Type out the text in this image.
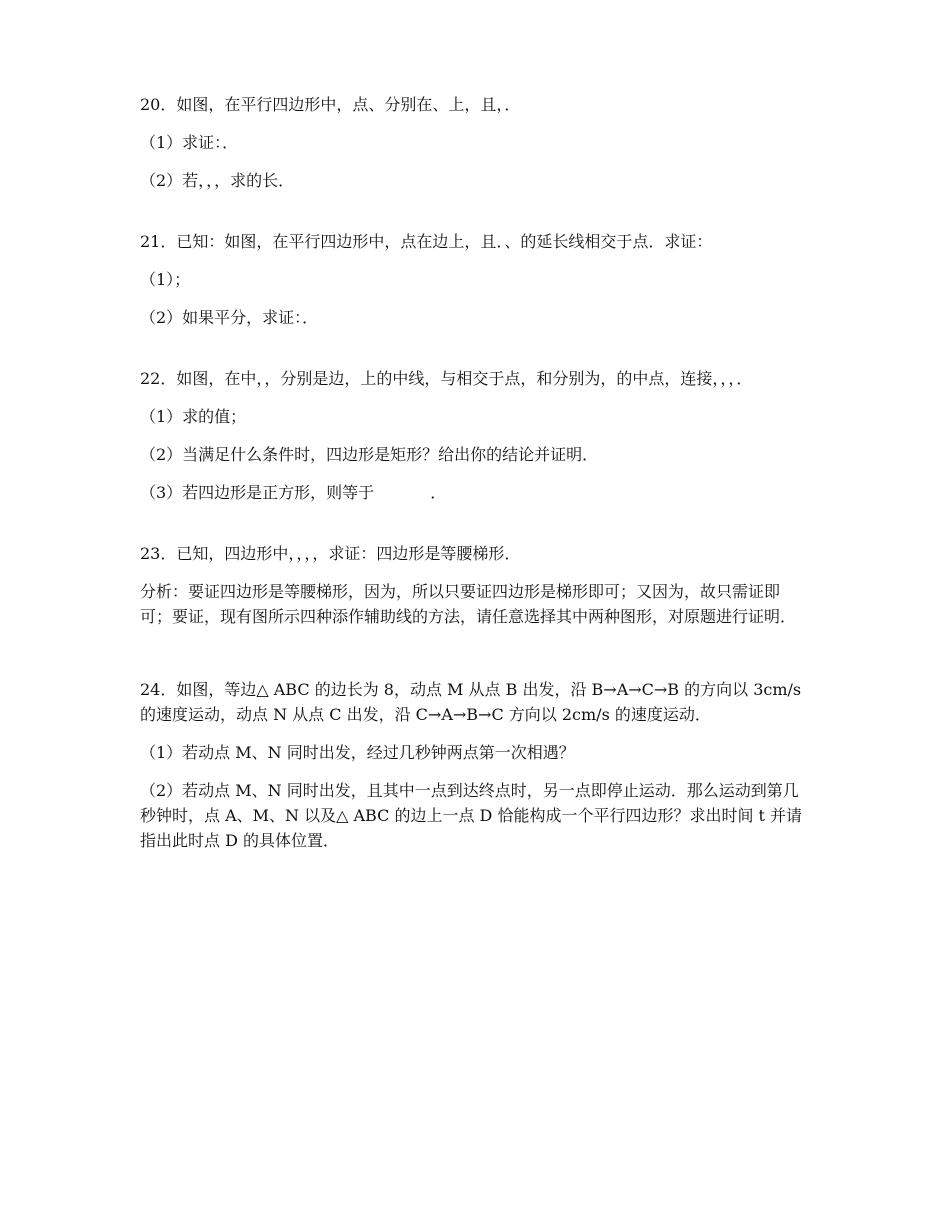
20．如图，在平行四边形中，点、分别在、上，且，．

（1）求证：．

（2）若，，，求的长．

21．已知：如图，在平行四边形中，点在边上，且．、的延长线相交于点．求证：

（1）；

（2）如果平分，求证：．

22．如图，在中，，分别是边，上的中线，与相交于点，和分别为，的中点，连接，，，．

（1）求的值；

（2）当满足什么条件时，四边形是矩形？给出你的结论并证明．

（3）若四边形是正方形，则等于	．

23．已知，四边形中，，，，求证：四边形是等腰梯形．

分析：要证四边形是等腰梯形，因为，所以只要证四边形是梯形即可；又因为，故只需证即可；要证，现有图所示四种添作辅助线的方法，请任意选择其中两种图形，对原题进行证明．

24．如图，等边△ ABC 的边长为 8，动点 M 从点 B 出发，沿 B→A→C→B 的方向以 3cm/s 的速度运动，动点 N 从点 C 出发，沿 C→A→B→C 方向以 2cm/s 的速度运动．

（1）若动点 M、N 同时出发，经过几秒钟两点第一次相遇？

（2）若动点 M、N 同时出发，且其中一点到达终点时，另一点即停止运动．那么运动到第几秒钟时，点 A、M、N 以及△ ABC 的边上一点 D 恰能构成一个平行四边形？求出时间 t 并请指出此时点 D 的具体位置．
